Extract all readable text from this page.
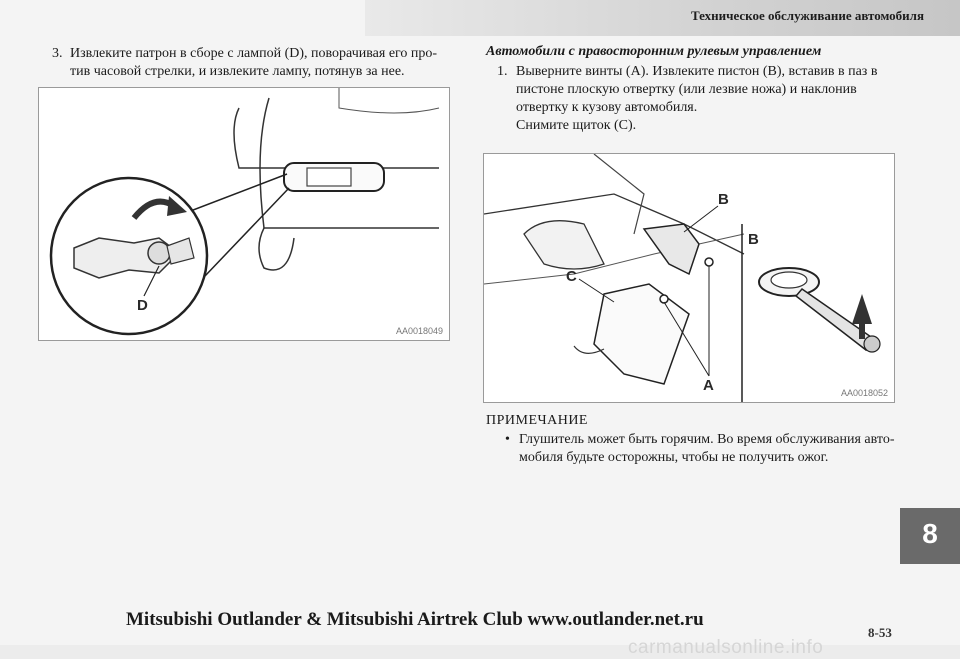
Техническое обслуживание автомобиля
3. Извлеките патрон в сборе с лампой (D), поворачивая его про-тив часовой стрелки, и извлеките лампу, потянув за нее.
D
AA0018049
Автомобили с правосторонним рулевым управлением
1. Выверните винты (A). Извлеките пистон (B), вставив в паз в пистоне плоскую отвертку (или лезвие ножа) и наклонив отвертку к кузову автомобиля.
Снимите щиток (C).
B
C
A
B
AA0018052
ПРИМЕЧАНИЕ
• Глушитель может быть горячим. Во время обслуживания авто-мобиля будьте осторожны, чтобы не получить ожог.
8
Mitsubishi Outlander & Mitsubishi Airtrek Club www.outlander.net.ru
8-53
carmanualsonline.info
